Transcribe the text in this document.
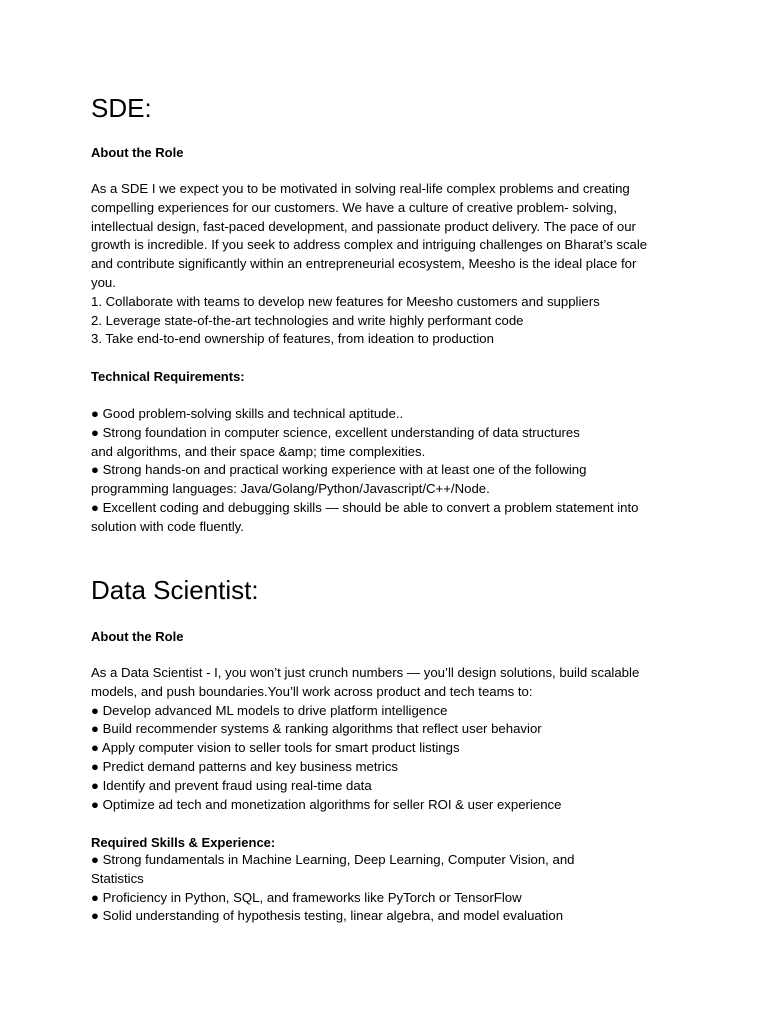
SDE:
About the Role
As a SDE I we expect you to be motivated in solving real-life complex problems and creating
compelling experiences for our customers. We have a culture of creative problem- solving,
intellectual design, fast-paced development, and passionate product delivery. The pace of our
growth is incredible. If you seek to address complex and intriguing challenges on Bharat’s scale
and contribute significantly within an entrepreneurial ecosystem, Meesho is the ideal place for
you.
1. Collaborate with teams to develop new features for Meesho customers and suppliers
2. Leverage state-of-the-art technologies and write highly performant code
3. Take end-to-end ownership of features, from ideation to production
Technical Requirements:
● Good problem-solving skills and technical aptitude..
● Strong foundation in computer science, excellent understanding of data structures
and algorithms, and their space &amp; time complexities.
● Strong hands-on and practical working experience with at least one of the following
programming languages: Java/Golang/Python/Javascript/C++/Node.
● Excellent coding and debugging skills — should be able to convert a problem statement into
solution with code fluently.
Data Scientist:
About the Role
As a Data Scientist - I, you won’t just crunch numbers — you’ll design solutions, build scalable
models, and push boundaries.You’ll work across product and tech teams to:
● Develop advanced ML models to drive platform intelligence
● Build recommender systems & ranking algorithms that reflect user behavior
● Apply computer vision to seller tools for smart product listings
● Predict demand patterns and key business metrics
● Identify and prevent fraud using real-time data
● Optimize ad tech and monetization algorithms for seller ROI & user experience
Required Skills & Experience:
● Strong fundamentals in Machine Learning, Deep Learning, Computer Vision, and
Statistics
● Proficiency in Python, SQL, and frameworks like PyTorch or TensorFlow
● Solid understanding of hypothesis testing, linear algebra, and model evaluation
